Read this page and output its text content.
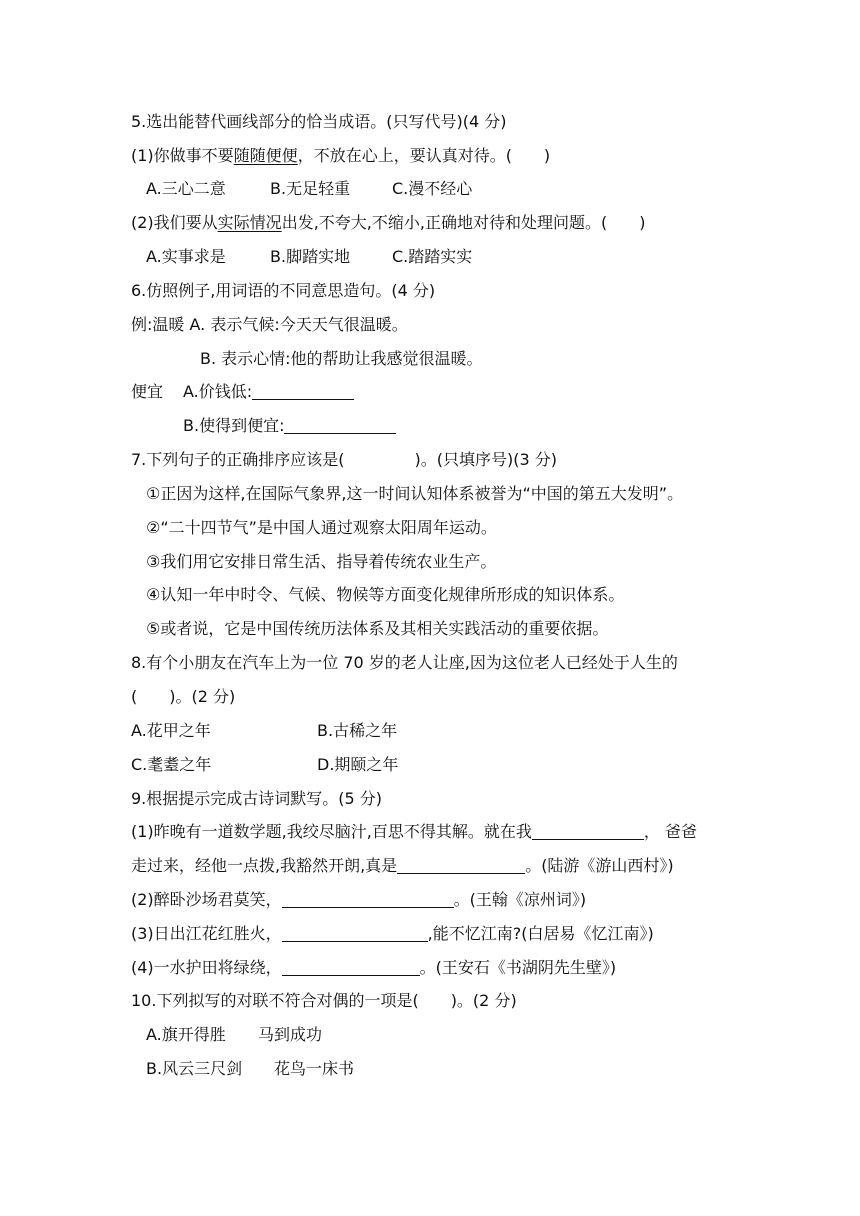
5.选出能替代画线部分的恰当成语。(只写代号)(4 分)
(1)你做事不要随随便便，不放在心上，要认真对待。(　　)
A.三心二意	B.无足轻重	C.漫不经心
(2)我们要从实际情况出发,不夸大,不缩小,正确地对待和处理问题。(　　)
A.实事求是	B.脚踏实地	C.踏踏实实
6.仿照例子,用词语的不同意思造句。(4 分)
例:温暖 A. 表示气候:今天天气很温暖。
B. 表示心情:他的帮助让我感觉很温暖。
便宜 A.价钱低:
B.使得到便宜:
7.下列句子的正确排序应该是(	)。(只填序号)(3 分)
①正因为这样,在国际气象界,这一时间认知体系被誉为“中国的第五大发明”。
②“二十四节气”是中国人通过观察太阳周年运动。
③我们用它安排日常生活、指导着传统农业生产。
④认知一年中时令、气候、物候等方面变化规律所形成的知识体系。
⑤或者说，它是中国传统历法体系及其相关实践活动的重要依据。
8.有个小朋友在汽车上为一位 70 岁的老人让座,因为这位老人已经处于人生的
(　　)。(2 分)
A.花甲之年	B.古稀之年
C.耄耋之年	D.期颐之年
9.根据提示完成古诗词默写。(5 分)
(1)昨晚有一道数学题,我绞尽脑汁,百思不得其解。就在我	， 爸爸
走过来，经他一点拨,我豁然开朗,真是	。(陆游《游山西村》)
(2)醉卧沙场君莫笑，	。(王翰《凉州词》)
(3)日出江花红胜火，	,能不忆江南?(白居易《忆江南》)
(4)一水护田将绿绕，	。(王安石《书湖阴先生壁》)
10.下列拟写的对联不符合对偶的一项是(　　)。(2 分)
A.旗开得胜 马到成功
B.风云三尺剑 花鸟一床书
